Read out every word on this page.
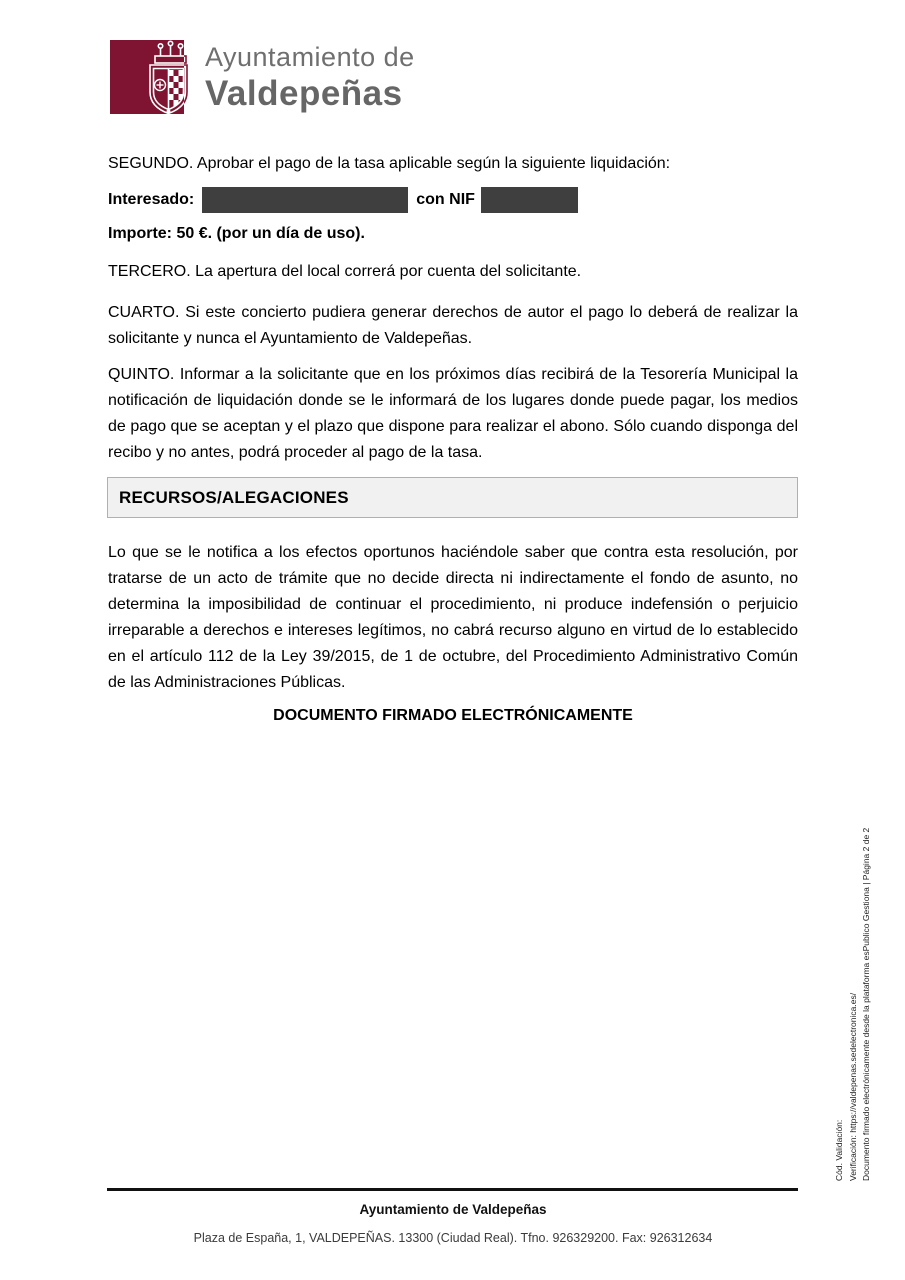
Ayuntamiento de
Valdepeñas

SEGUNDO. Aprobar el pago de la tasa aplicable según la siguiente liquidación:

Interesado:	con NIF

Importe: 50 €. (por un día de uso).

TERCERO. La apertura del local correrá por cuenta del solicitante.

CUARTO. Si este concierto pudiera generar derechos de autor el pago lo deberá de realizar la solicitante y nunca el Ayuntamiento de Valdepeñas.

QUINTO. Informar a la solicitante que en los próximos días recibirá de la Tesorería Municipal la notificación de liquidación donde se le informará de los lugares donde puede pagar, los medios de pago que se aceptan y el plazo que dispone para realizar el abono. Sólo cuando disponga del recibo y no antes, podrá proceder al pago de la tasa.

RECURSOS/ALEGACIONES

Lo que se le notifica a los efectos oportunos haciéndole saber que contra esta resolución, por tratarse de un acto de trámite que no decide directa ni indirectamente el fondo de asunto, no determina la imposibilidad de continuar el procedimiento, ni produce indefensión o perjuicio irreparable a derechos e intereses legítimos, no cabrá recurso alguno en virtud de lo establecido en el artículo 112 de la Ley 39/2015, de 1 de octubre, del Procedimiento Administrativo Común de las Administraciones Públicas.

DOCUMENTO FIRMADO ELECTRÓNICAMENTE

Cód. Validación: Verificación: https://valdepenas.sedelectronica.es/ Documento firmado electrónicamente desde la plataforma esPublico Gestiona | Página 2 de 2
Ayuntamiento de Valdepeñas
Plaza de España, 1, VALDEPEÑAS. 13300 (Ciudad Real). Tfno. 926329200. Fax: 926312634
